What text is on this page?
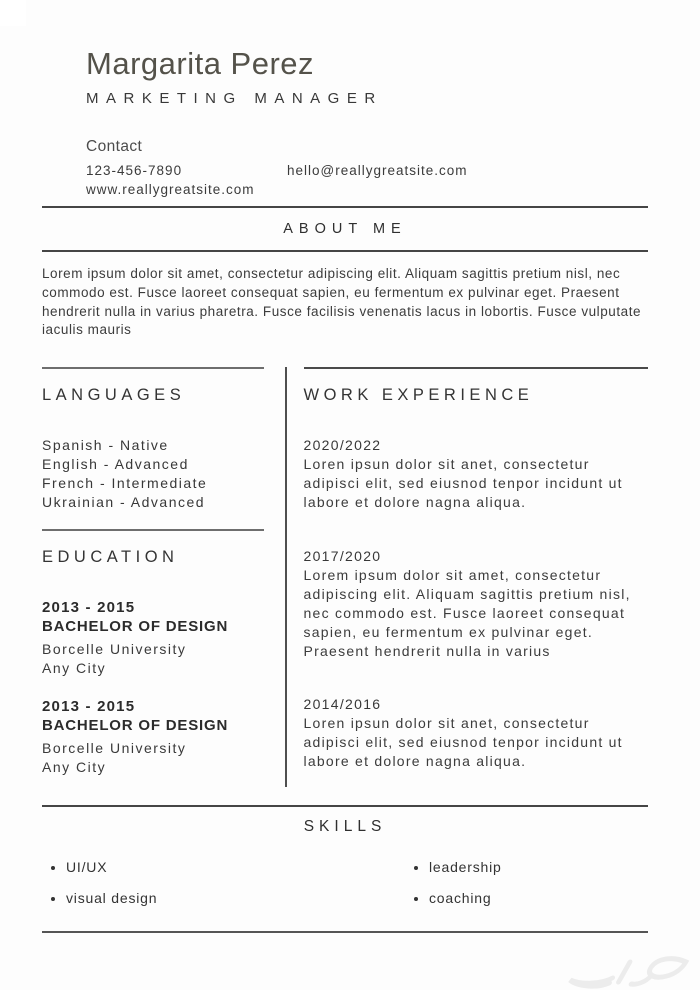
Margarita Perez
MARKETING MANAGER
Contact
123-456-7890	hello@reallygreatsite.com
www.reallygreatsite.com
ABOUT ME

Lorem ipsum dolor sit amet, consectetur adipiscing elit. Aliquam sagittis pretium nisl, nec commodo est. Fusce laoreet consequat sapien, eu fermentum ex pulvinar eget. Praesent hendrerit nulla in varius pharetra. Fusce facilisis venenatis lacus in lobortis. Fusce vulputate iaculis mauris

LANGUAGES
Spanish - Native
English - Advanced
French - Intermediate
Ukrainian - Advanced
EDUCATION
2013 - 2015
BACHELOR OF DESIGN
Borcelle University
Any City
2013 - 2015
BACHELOR OF DESIGN
Borcelle University
Any City
WORK EXPERIENCE
2020/2022

Loren ipsun dolor sit anet, consectetur adipisci elit, sed eiusnod tenpor incidunt ut labore et dolore nagna aliqua.

2017/2020

Lorem ipsum dolor sit amet, consectetur adipiscing elit. Aliquam sagittis pretium nisl, nec commodo est. Fusce laoreet consequat sapien, eu fermentum ex pulvinar eget. Praesent hendrerit nulla in varius

2014/2016

Loren ipsun dolor sit anet, consectetur adipisci elit, sed eiusnod tenpor incidunt ut labore et dolore nagna aliqua.

SKILLS
• UI/UX
• visual design
• leadership
• coaching
